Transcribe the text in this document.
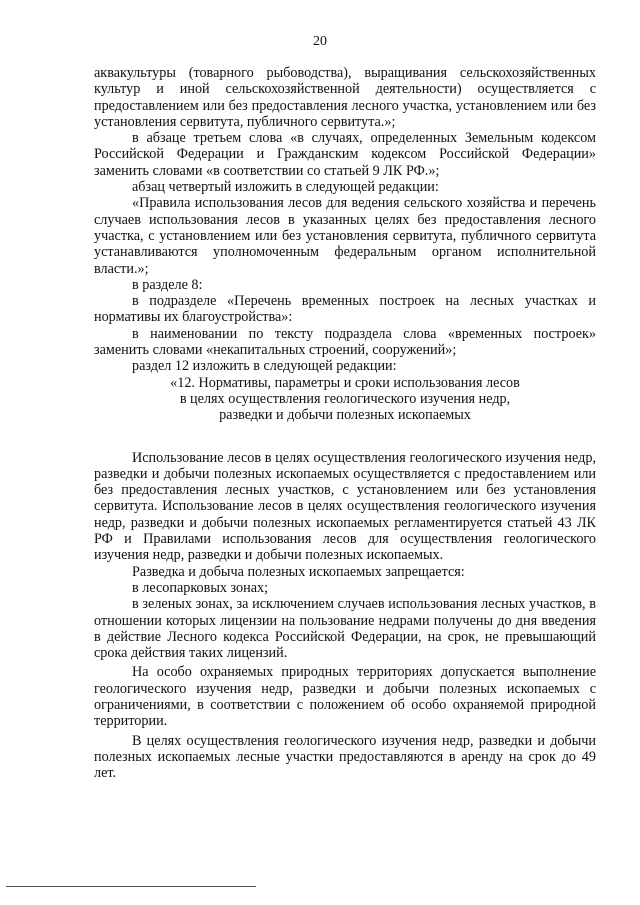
20

аквакультуры (товарного рыбоводства), выращивания сельскохозяйственных культур и иной сельскохозяйственной деятельности) осуществляется с предоставлением или без предоставления лесного участка, установлением или без установления сервитута, публичного сервитута.»;

в абзаце третьем слова «в случаях, определенных Земельным кодексом Российской Федерации и Гражданским кодексом Российской Федерации» заменить словами «в соответствии со статьей 9 ЛК РФ.»;

абзац четвертый изложить в следующей редакции:

«Правила использования лесов для ведения сельского хозяйства и перечень случаев использования лесов в указанных целях без предоставления лесного участка, с установлением или без установления сервитута, публичного сервитута устанавливаются уполномоченным федеральным органом исполнительной власти.»;

в разделе 8:

в подразделе «Перечень временных построек на лесных участках и нормативы их благоустройства»:

в наименовании по тексту подраздела слова «временных построек» заменить словами «некапитальных строений, сооружений»;

раздел 12 изложить в следующей редакции:

«12. Нормативы, параметры и сроки использования лесов

в целях осуществления геологического изучения недр,

разведки и добычи полезных ископаемых

Использование лесов в целях осуществления геологического изучения недр, разведки и добычи полезных ископаемых осуществляется с предоставлением или без предоставления лесных участков, с установлением или без установления сервитута. Использование лесов в целях осуществления геологического изучения недр, разведки и добычи полезных ископаемых регламентируется статьей 43 ЛК РФ и Правилами использования лесов для осуществления геологического изучения недр, разведки и добычи полезных ископаемых.

Разведка и добыча полезных ископаемых запрещается:

в лесопарковых зонах;

в зеленых зонах, за исключением случаев использования лесных участков, в отношении которых лицензии на пользование недрами получены до дня введения в действие Лесного кодекса Российской Федерации, на срок, не превышающий срока действия таких лицензий.

На особо охраняемых природных территориях допускается выполнение геологического изучения недр, разведки и добычи полезных ископаемых с ограничениями, в соответствии с положением об особо охраняемой природной территории.

В целях осуществления геологического изучения недр, разведки и добычи полезных ископаемых лесные участки предоставляются в аренду на срок до 49 лет.
